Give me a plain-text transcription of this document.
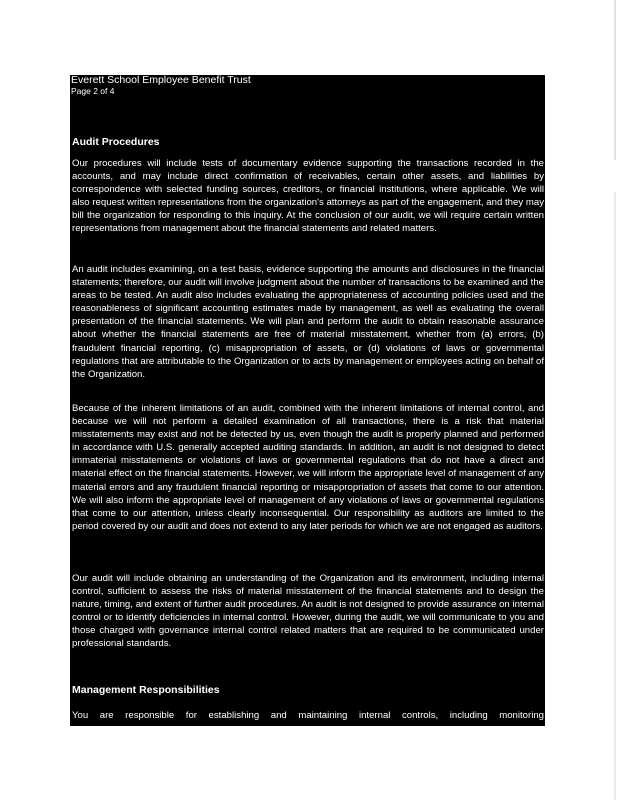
Everett School Employee Benefit Trust
Page 2 of 4
Audit Procedures

Our procedures will include tests of documentary evidence supporting the transactions recorded in the accounts, and may include direct confirmation of receivables, certain other assets, and liabilities by correspondence with selected funding sources, creditors, or financial institutions, where applicable. We will also request written representations from the organization's attorneys as part of the engagement, and they may bill the organization for responding to this inquiry. At the conclusion of our audit, we will require certain written representations from management about the financial statements and related matters.

An audit includes examining, on a test basis, evidence supporting the amounts and disclosures in the financial statements; therefore, our audit will involve judgment about the number of transactions to be examined and the areas to be tested. An audit also includes evaluating the appropriateness of accounting policies used and the reasonableness of significant accounting estimates made by management, as well as evaluating the overall presentation of the financial statements. We will plan and perform the audit to obtain reasonable assurance about whether the financial statements are free of material misstatement, whether from (a) errors, (b) fraudulent financial reporting, (c) misappropriation of assets, or (d) violations of laws or governmental regulations that are attributable to the Organization or to acts by management or employees acting on behalf of the Organization.

Because of the inherent limitations of an audit, combined with the inherent limitations of internal control, and because we will not perform a detailed examination of all transactions, there is a risk that material misstatements may exist and not be detected by us, even though the audit is properly planned and performed in accordance with U.S. generally accepted auditing standards. In addition, an audit is not designed to detect immaterial misstatements or violations of laws or governmental regulations that do not have a direct and material effect on the financial statements. However, we will inform the appropriate level of management of any material errors and any fraudulent financial reporting or misappropriation of assets that come to our attention. We will also inform the appropriate level of management of any violations of laws or governmental regulations that come to our attention, unless clearly inconsequential. Our responsibility as auditors are limited to the period covered by our audit and does not extend to any later periods for which we are not engaged as auditors.

Our audit will include obtaining an understanding of the Organization and its environment, including internal control, sufficient to assess the risks of material misstatement of the financial statements and to design the nature, timing, and extent of further audit procedures. An audit is not designed to provide assurance on internal control or to identify deficiencies in internal control. However, during the audit, we will communicate to you and those charged with governance internal control related matters that are required to be communicated under professional standards.

Management Responsibilities

You are responsible for establishing and maintaining internal controls, including monitoring
